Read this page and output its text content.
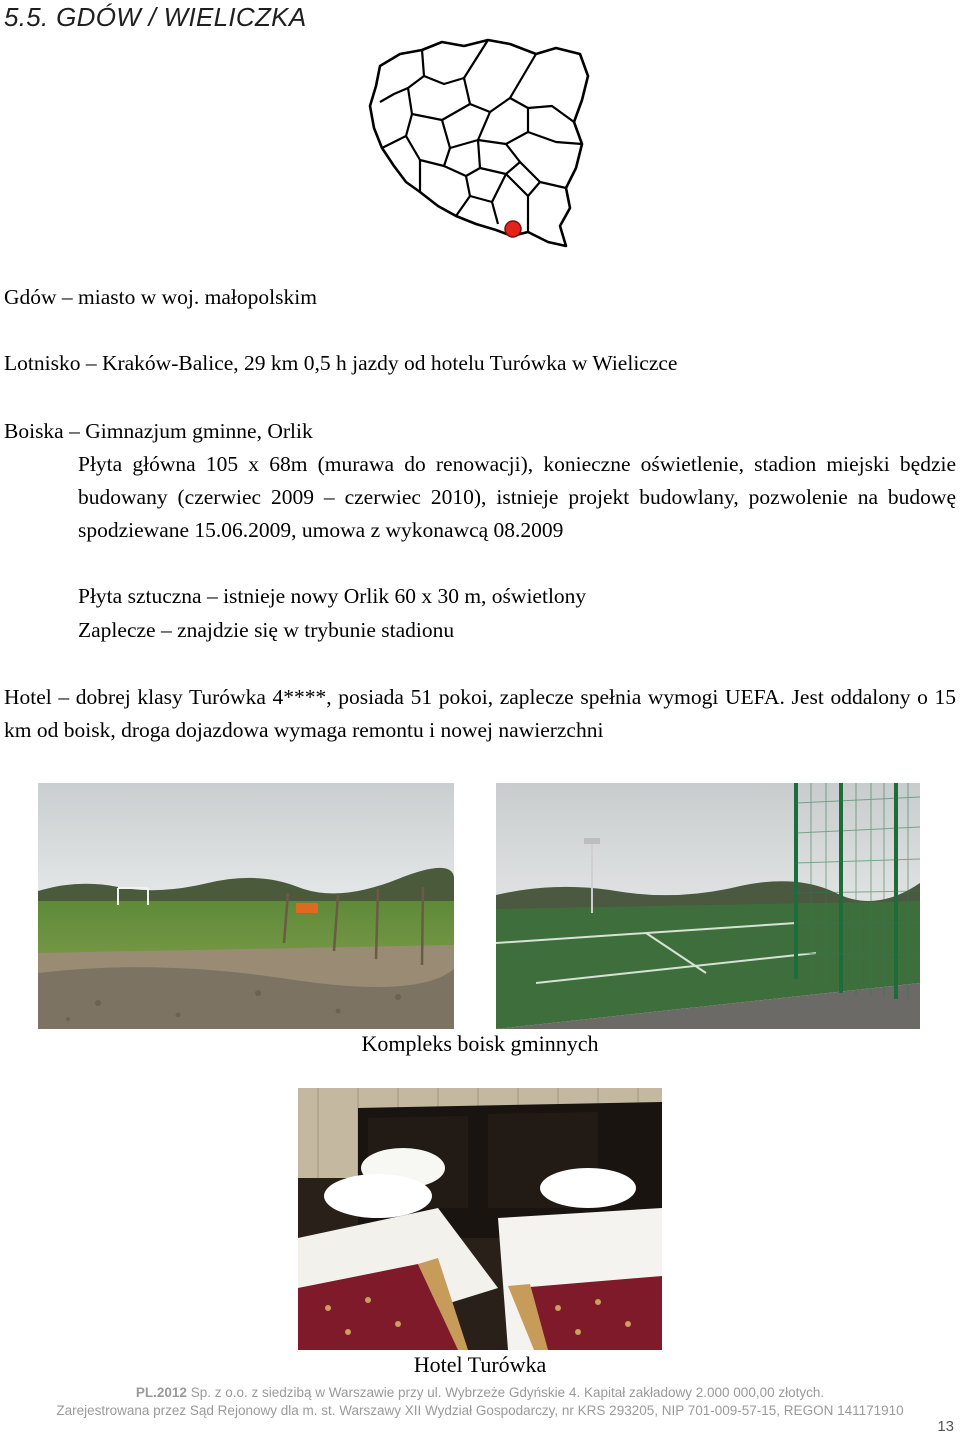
5.5. GDÓW / WIELICZKA

Gdów – miasto w woj. małopolskim

Lotnisko – Kraków-Balice, 29 km 0,5 h jazdy od hotelu Turówka w Wieliczce

Boiska – Gimnazjum gminne, Orlik

Płyta główna 105 x 68m (murawa do renowacji), konieczne oświetlenie, stadion miejski będzie budowany (czerwiec 2009 – czerwiec 2010), istnieje projekt budowlany, pozwolenie na budowę spodziewane 15.06.2009, umowa z wykonawcą 08.2009

Płyta sztuczna – istnieje nowy Orlik 60 x 30 m, oświetlony

Zaplecze – znajdzie się w trybunie stadionu

Hotel – dobrej klasy Turówka 4****, posiada 51 pokoi, zaplecze spełnia wymogi UEFA. Jest oddalony o 15 km od boisk, droga dojazdowa wymaga remontu i nowej nawierzchni

Kompleks boisk gminnych
Hotel Turówka
PL.2012 Sp. z o.o. z siedzibą w Warszawie przy ul. Wybrzeże Gdyńskie 4. Kapitał zakładowy 2.000 000,00 złotych.
Zarejestrowana przez Sąd Rejonowy dla m. st. Warszawy XII Wydział Gospodarczy, nr KRS 293205, NIP 701-009-57-15, REGON 141171910
13
